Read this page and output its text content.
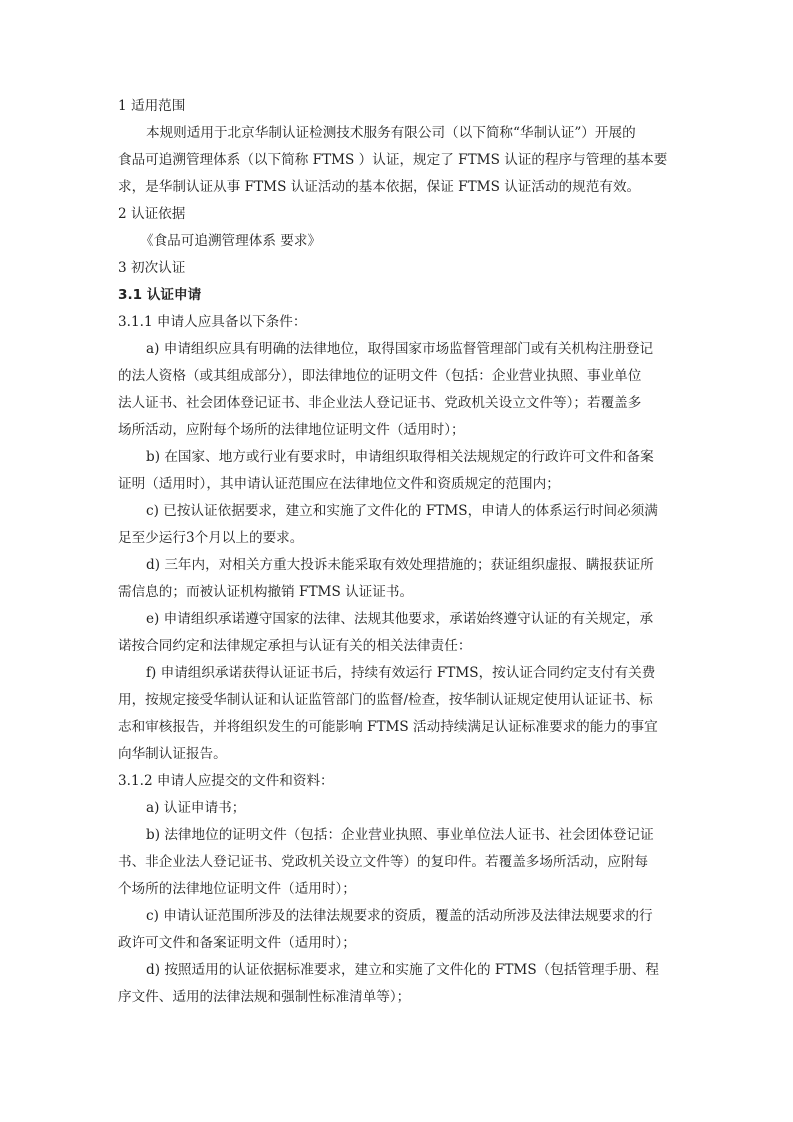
1 适用范围
本规则适用于北京华制认证检测技术服务有限公司（以下简称“华制认证”）开展的
食品可追溯管理体系（以下简称 FTMS ）认证，规定了 FTMS 认证的程序与管理的基本要
求，是华制认证从事 FTMS 认证活动的基本依据，保证 FTMS 认证活动的规范有效。
2 认证依据
《食品可追溯管理体系 要求》
3 初次认证
3.1 认证申请
3.1.1 申请人应具备以下条件：
a) 申请组织应具有明确的法律地位，取得国家市场监督管理部门或有关机构注册登记
的法人资格（或其组成部分），即法律地位的证明文件（包括：企业营业执照、事业单位
法人证书、社会团体登记证书、非企业法人登记证书、党政机关设立文件等）；若覆盖多
场所活动，应附每个场所的法律地位证明文件（适用时）；
b) 在国家、地方或行业有要求时，申请组织取得相关法规规定的行政许可文件和备案
证明（适用时），其申请认证范围应在法律地位文件和资质规定的范围内；
c) 已按认证依据要求，建立和实施了文件化的 FTMS，申请人的体系运行时间必须满
足至少运行3个月以上的要求。
d) 三年内，对相关方重大投诉未能采取有效处理措施的；获证组织虚报、瞒报获证所
需信息的；而被认证机构撤销 FTMS 认证证书。
e) 申请组织承诺遵守国家的法律、法规其他要求，承诺始终遵守认证的有关规定，承
诺按合同约定和法律规定承担与认证有关的相关法律责任：
f) 申请组织承诺获得认证证书后，持续有效运行 FTMS，按认证合同约定支付有关费
用，按规定接受华制认证和认证监管部门的监督/检查，按华制认证规定使用认证证书、标
志和审核报告，并将组织发生的可能影响 FTMS 活动持续满足认证标准要求的能力的事宜
向华制认证报告。
3.1.2 申请人应提交的文件和资料：
a) 认证申请书；
b) 法律地位的证明文件（包括：企业营业执照、事业单位法人证书、社会团体登记证
书、非企业法人登记证书、党政机关设立文件等）的复印件。若覆盖多场所活动，应附每
个场所的法律地位证明文件（适用时）；
c) 申请认证范围所涉及的法律法规要求的资质，覆盖的活动所涉及法律法规要求的行
政许可文件和备案证明文件（适用时）；
d) 按照适用的认证依据标准要求，建立和实施了文件化的 FTMS（包括管理手册、程
序文件、适用的法律法规和强制性标准清单等）；
